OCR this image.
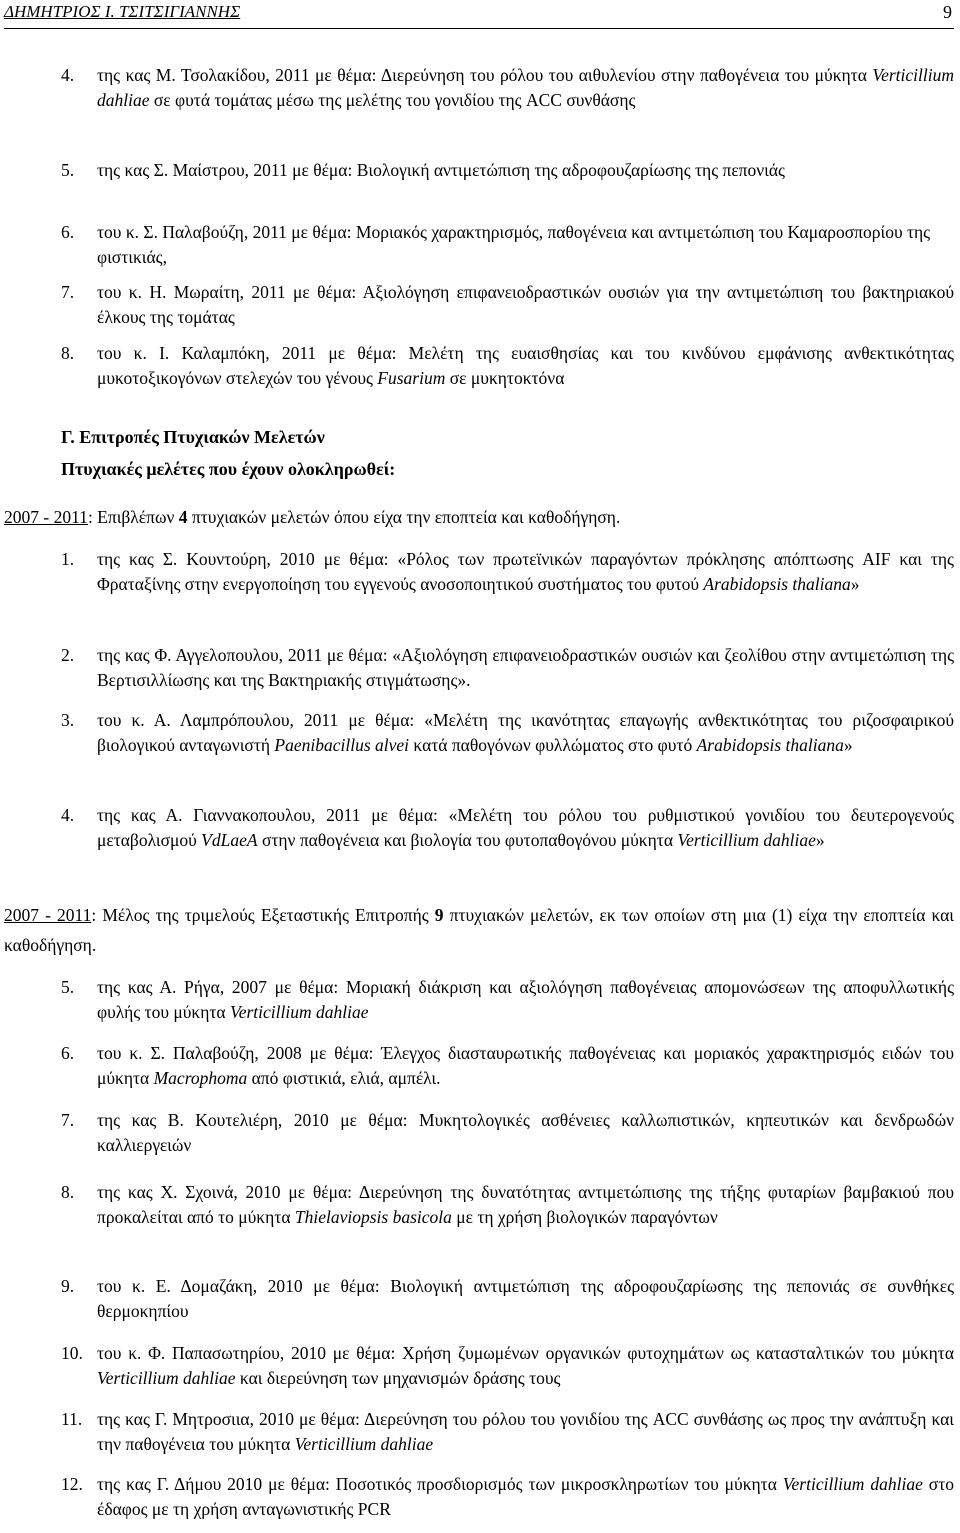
ΔΗΜΗΤΡΙΟΣ Ι. ΤΣΙΤΣΙΓΙΑΝΝΗΣ	9
4. της κας Μ. Τσολακίδου, 2011 με θέμα: Διερεύνηση του ρόλου του αιθυλενίου στην παθογένεια του μύκητα Verticillium dahliae σε φυτά τομάτας μέσω της μελέτης του γονιδίου της ACC συνθάσης
5. της κας Σ. Μαίστρου, 2011 με θέμα: Βιολογική αντιμετώπιση της αδροφουζαρίωσης της πεπονιάς
6. του κ. Σ. Παλαβούζη, 2011 με θέμα: Μοριακός χαρακτηρισμός, παθογένεια και αντιμετώπιση του Καμαροσπορίου της φιστικιάς,
7. του κ. Η. Μωραίτη, 2011 με θέμα: Αξιολόγηση επιφανειοδραστικών ουσιών για την αντιμετώπιση του βακτηριακού έλκους της τομάτας
8. του κ. Ι. Καλαμπόκη, 2011 με θέμα: Μελέτη της ευαισθησίας και του κινδύνου εμφάνισης ανθεκτικότητας μυκοτοξικογόνων στελεχών του γένους Fusarium σε μυκητοκτόνα
Γ. Επιτροπές Πτυχιακών Μελετών
Πτυχιακές μελέτες που έχουν ολοκληρωθεί:
2007 - 2011: Επιβλέπων 4 πτυχιακών μελετών όπου είχα την εποπτεία και καθοδήγηση.
1. της κας Σ. Κουντούρη, 2010 με θέμα: «Ρόλος των πρωτεϊνικών παραγόντων πρόκλησης απόπτωσης AIF και της Φραταξίνης στην ενεργοποίηση του εγγενούς ανοσοποιητικού συστήματος του φυτού Arabidopsis thaliana»
2. της κας Φ. Αγγελοπουλου, 2011 με θέμα: «Αξιολόγηση επιφανειοδραστικών ουσιών και ζεολίθου στην αντιμετώπιση της Βερτισιλλίωσης και της Βακτηριακής στιγμάτωσης».
3. του κ. Α. Λαμπρόπουλου, 2011 με θέμα: «Μελέτη της ικανότητας επαγωγής ανθεκτικότητας του ριζοσφαιρικού βιολογικού ανταγωνιστή Paenibacillus alvei κατά παθογόνων φυλλώματος στο φυτό Arabidopsis thaliana»
4. της κας Α. Γιαννακοπουλου, 2011 με θέμα: «Μελέτη του ρόλου του ρυθμιστικού γονιδίου του δευτερογενούς μεταβολισμού VdLaeA στην παθογένεια και βιολογία του φυτοπαθογόνου μύκητα Verticillium dahliae»
2007 - 2011: Μέλος της τριμελούς Εξεταστικής Επιτροπής 9 πτυχιακών μελετών, εκ των οποίων στη μια (1) είχα την εποπτεία και καθοδήγηση.
5. της κας Α. Ρήγα, 2007 με θέμα: Μοριακή διάκριση και αξιολόγηση παθογένειας απομονώσεων της αποφυλλωτικής φυλής του μύκητα Verticillium dahliae
6. του κ. Σ. Παλαβούζη, 2008 με θέμα: Έλεγχος διασταυρωτικής παθογένειας και μοριακός χαρακτηρισμός ειδών του μύκητα Macrophoma από φιστικιά, ελιά, αμπέλι.
7. της κας Β. Κουτελιέρη, 2010 με θέμα: Μυκητολογικές ασθένειες καλλωπιστικών, κηπευτικών και δενδρωδών καλλιεργειών
8. της κας Χ. Σχοινά, 2010 με θέμα: Διερεύνηση της δυνατότητας αντιμετώπισης της τήξης φυταρίων βαμβακιού που προκαλείται από το μύκητα Thielaviopsis basicola με τη χρήση βιολογικών παραγόντων
9. του κ. Ε. Δομαζάκη, 2010 με θέμα: Βιολογική αντιμετώπιση της αδροφουζαρίωσης της πεπονιάς σε συνθήκες θερμοκηπίου
10. του κ. Φ. Παπασωτηρίου, 2010 με θέμα: Χρήση ζυμωμένων οργανικών φυτοχημάτων ως κατασταλτικών του μύκητα Verticillium dahliae και διερεύνηση των μηχανισμών δράσης τους
11. της κας Γ. Μητροσιια, 2010 με θέμα: Διερεύνηση του ρόλου του γονιδίου της ACC συνθάσης ως προς την ανάπτυξη και την παθογένεια του μύκητα Verticillium dahliae
12. της κας Γ. Δήμου 2010 με θέμα: Ποσοτικός προσδιορισμός των μικροσκληρωτίων του μύκητα Verticillium dahliae στο έδαφος με τη χρήση ανταγωνιστικής PCR
